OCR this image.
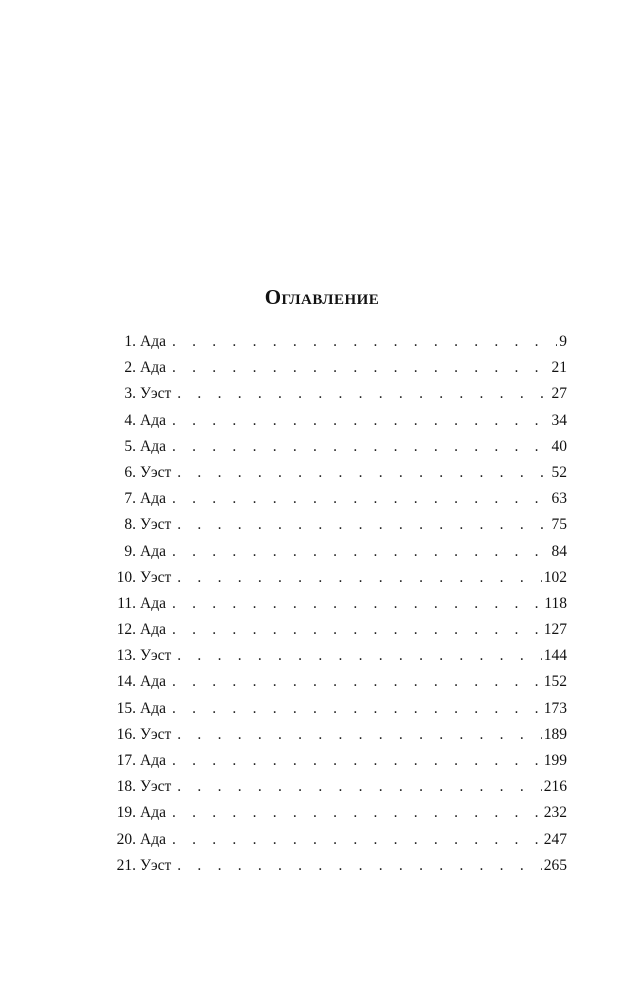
Оглавление
1. Ада . . .	9
2. Ада . . .	21
3. Уэст . . .	27
4. Ада . . .	34
5. Ада . . .	40
6. Уэст . . .	52
7. Ада . . .	63
8. Уэст . . .	75
9. Ада . . .	84
10. Уэст . . .	102
11. Ада . . .	118
12. Ада . . .	127
13. Уэст . . .	144
14. Ада . . .	152
15. Ада . . .	173
16. Уэст . . .	189
17. Ада . . .	199
18. Уэст . . .	216
19. Ада . . .	232
20. Ада . . .	247
21. Уэст . . .	265
